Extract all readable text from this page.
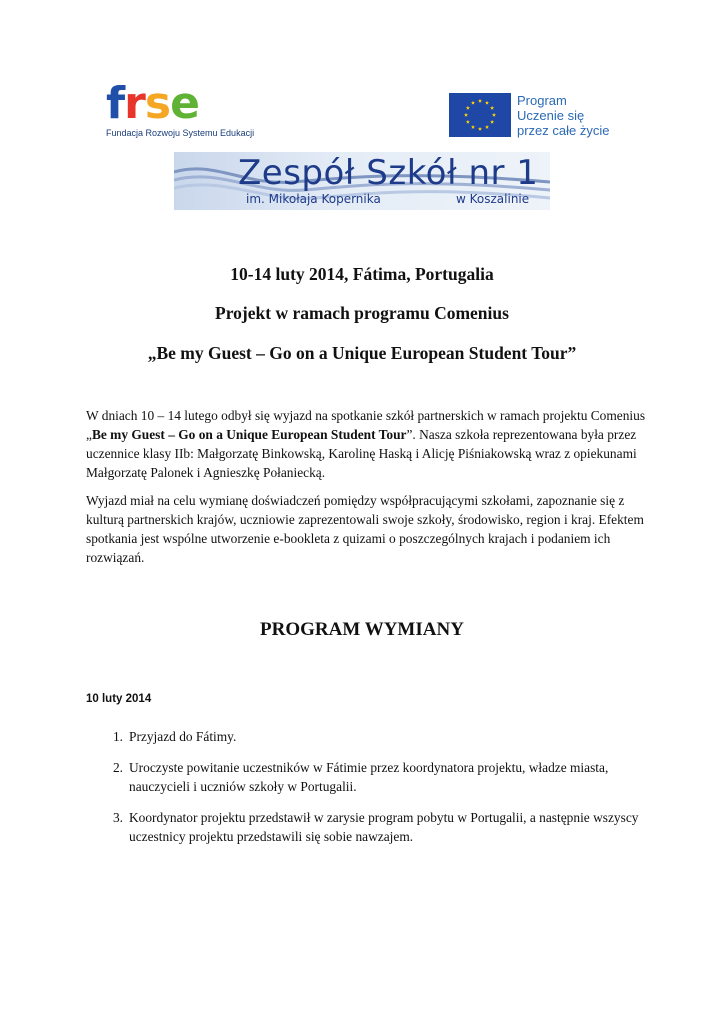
f r s e
Fundacja Rozwoju Systemu Edukacji
Program
Uczenie się
przez całe życie
Zespół Szkół nr 1
im. Mikołaja Kopernika	w Koszalinie
10-14 luty 2014, Fátima, Portugalia
Projekt w ramach programu Comenius
„Be my Guest – Go on a Unique European Student Tour”
W dniach 10 – 14 lutego odbył się wyjazd na spotkanie szkół partnerskich w ramach projektu Comenius „Be my Guest – Go on a Unique European Student Tour”. Nasza szkoła reprezentowana była przez uczennice klasy IIb: Małgorzatę Binkowską, Karolinę Haską i Alicję Piśniakowską wraz z opiekunami Małgorzatę Palonek i Agnieszkę Połaniecką.
Wyjazd miał na celu wymianę doświadczeń pomiędzy współpracującymi szkołami, zapoznanie się z kulturą partnerskich krajów, uczniowie zaprezentowali swoje szkoły, środowisko, region i kraj. Efektem spotkania jest wspólne utworzenie e-bookleta z quizami o poszczególnych krajach i podaniem ich rozwiązań.
PROGRAM WYMIANY
10 luty 2014
1. Przyjazd do Fátimy.
2. Uroczyste powitanie uczestników w Fátimie przez koordynatora projektu, władze miasta, nauczycieli i uczniów szkoły w Portugalii.
3. Koordynator projektu przedstawił w zarysie program pobytu w Portugalii, a następnie wszyscy uczestnicy projektu przedstawili się sobie nawzajem.
